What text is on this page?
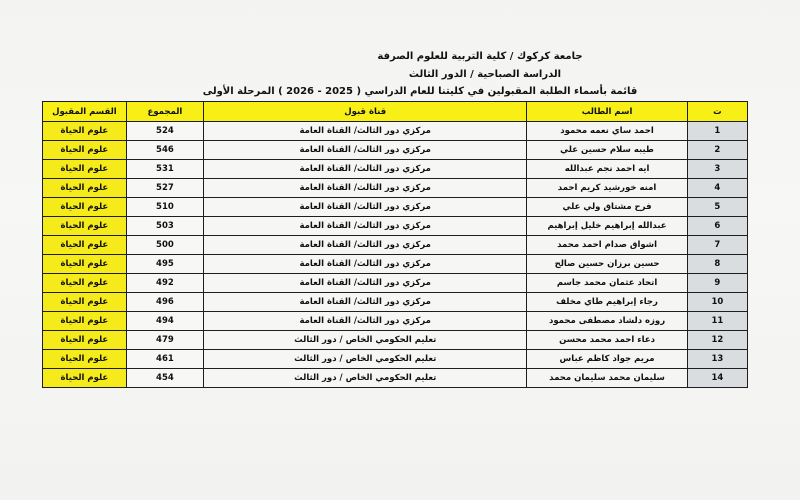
جامعة كركوك / كلية التربية للعلوم الصرفة
الدراسة الصباحية / الدور الثالث
قائمة بأسماء الطلبة المقبولين في كليتنا للعام الدراسي ( 2025 - 2026 ) المرحلة الأولى
ت	اسم الطالب	قناة قبول	المجموع	القسم المقبول
1	احمد ساي نعمه محمود	مركزي دور الثالث/ القناة العامة	524	علوم الحياة
2	طيبه سلام حسين علي	مركزي دور الثالث/ القناة العامة	546	علوم الحياة
3	ايه احمد نجم عبدالله	مركزي دور الثالث/ القناة العامة	531	علوم الحياة
4	امنه خورشيد كريم احمد	مركزي دور الثالث/ القناة العامة	527	علوم الحياة
5	فرح مشتاق ولي علي	مركزي دور الثالث/ القناة العامة	510	علوم الحياة
6	عبدالله إبراهيم خليل إبراهيم	مركزي دور الثالث/ القناة العامة	503	علوم الحياة
7	اشواق صدام احمد محمد	مركزي دور الثالث/ القناة العامة	500	علوم الحياة
8	حسين برزان حسين صالح	مركزي دور الثالث/ القناة العامة	495	علوم الحياة
9	اتحاد عثمان محمد جاسم	مركزي دور الثالث/ القناة العامة	492	علوم الحياة
10	رجاء إبراهيم طاي مخلف	مركزي دور الثالث/ القناة العامة	496	علوم الحياة
11	روزه دلشاد مصطفى محمود	مركزي دور الثالث/ القناة العامة	494	علوم الحياة
12	دعاء احمد محمد محسن	تعليم الحكومي الخاص / دور الثالث	479	علوم الحياة
13	مريم جواد كاظم عباس	تعليم الحكومي الخاص / دور الثالث	461	علوم الحياة
14	سليمان محمد سليمان محمد	تعليم الحكومي الخاص / دور الثالث	454	علوم الحياة
